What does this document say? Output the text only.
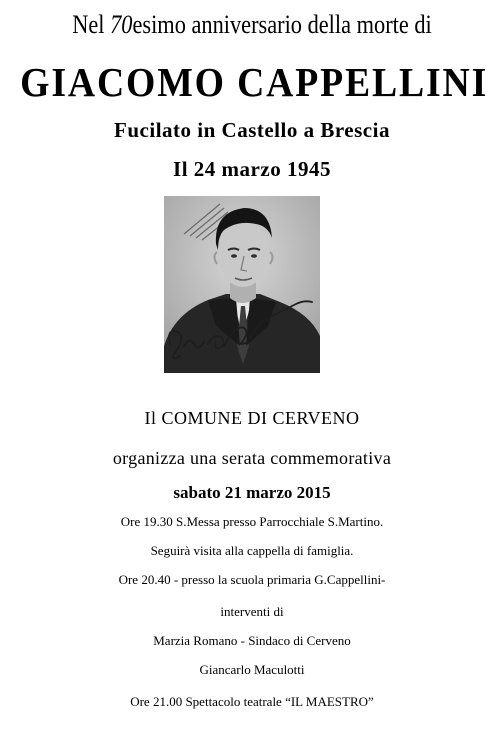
Nel 70esimo anniversario della morte di
GIACOMO CAPPELLINI
Fucilato in Castello a Brescia
Il 24 marzo 1945
Il COMUNE DI CERVENO
organizza una serata commemorativa
sabato 21 marzo 2015
Ore 19.30 S.Messa presso Parrocchiale S.Martino.
Seguirà visita alla cappella di famiglia.
Ore 20.40 - presso la scuola primaria G.Cappellini-
interventi di
Marzia Romano - Sindaco di Cerveno
Giancarlo Maculotti
Ore 21.00 Spettacolo teatrale “IL MAESTRO”
